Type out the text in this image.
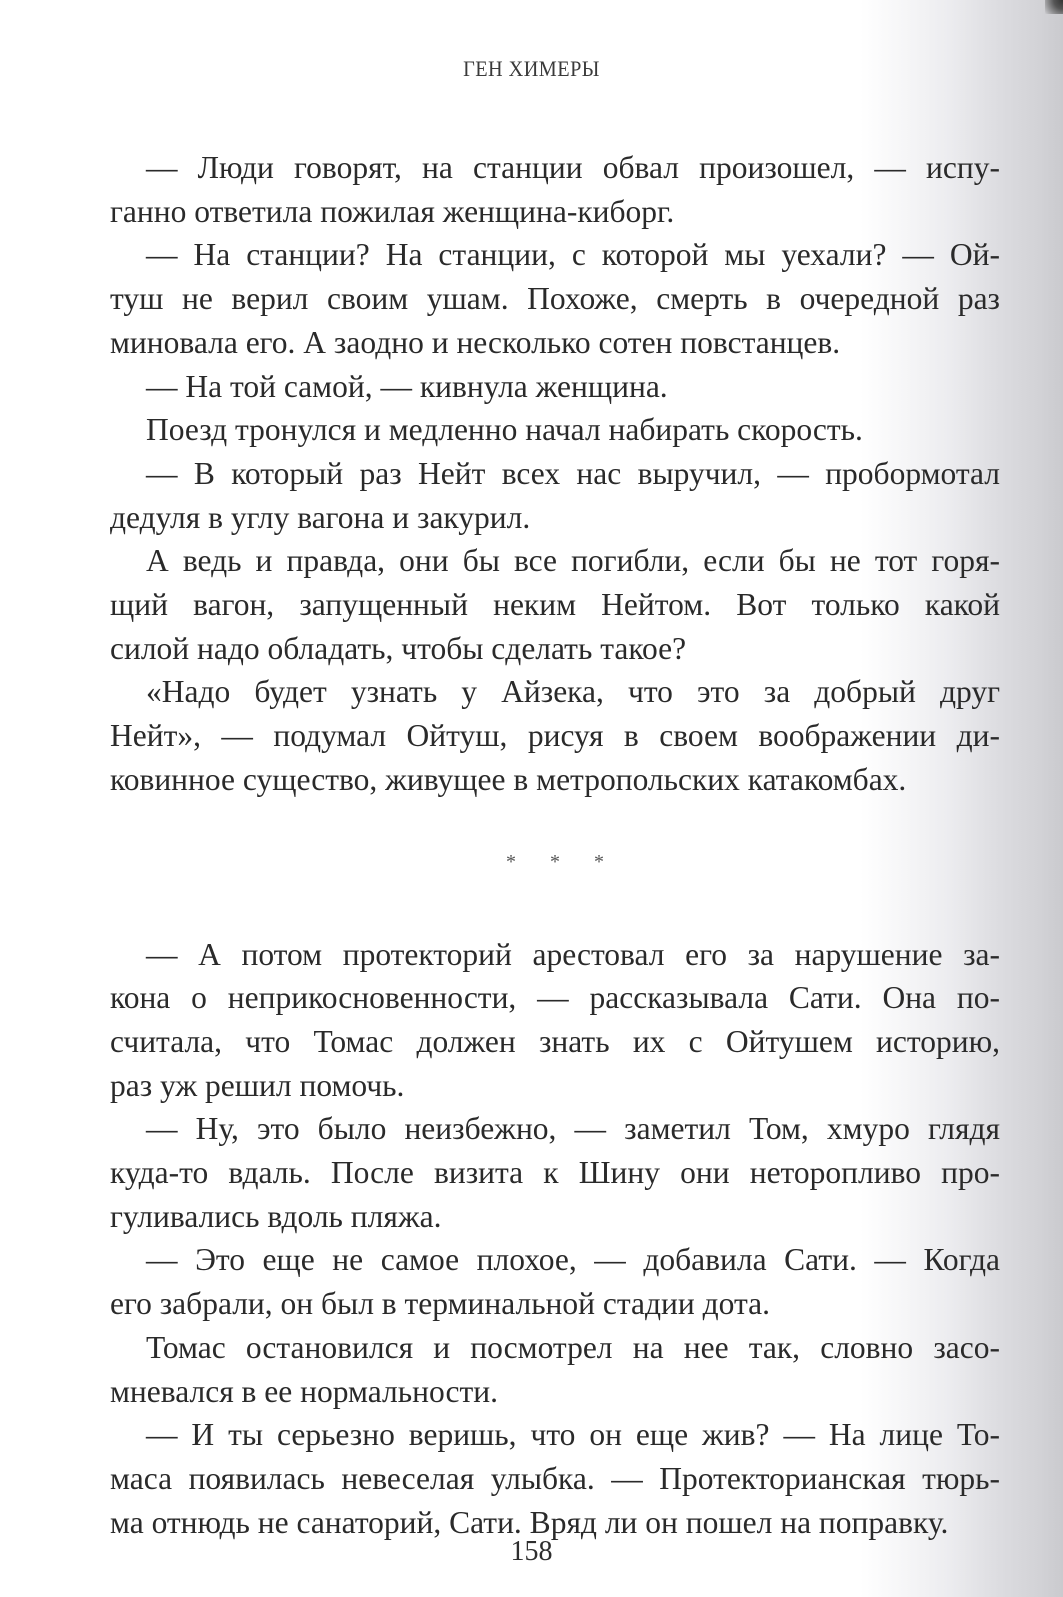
ГЕН ХИМЕРЫ

— Люди говорят, на станции обвал произошел, — испу-
ганно ответила пожилая женщина-киборг.

— На станции? На станции, с которой мы уехали? — Ой-
туш не верил своим ушам. Похоже, смерть в очередной раз
миновала его. А заодно и несколько сотен повстанцев.

— На той самой, — кивнула женщина.

Поезд тронулся и медленно начал набирать скорость.

— В который раз Нейт всех нас выручил, — пробормотал
дедуля в углу вагона и закурил.

А ведь и правда, они бы все погибли, если бы не тот горя-
щий вагон, запущенный неким Нейтом. Вот только какой
силой надо обладать, чтобы сделать такое?

«Надо будет узнать у Айзека, что это за добрый друг
Нейт», — подумал Ойтуш, рисуя в своем воображении ди-
ковинное существо, живущее в метропольских катакомбах.

* * *

— А потом протекторий арестовал его за нарушение за-
кона о неприкосновенности, — рассказывала Сати. Она по-
считала, что Томас должен знать их с Ойтушем историю,
раз уж решил помочь.

— Ну, это было неизбежно, — заметил Том, хмуро глядя
куда-то вдаль. После визита к Шину они неторопливо про-
гуливались вдоль пляжа.

— Это еще не самое плохое, — добавила Сати. — Когда
его забрали, он был в терминальной стадии дота.

Томас остановился и посмотрел на нее так, словно засо-
мневался в ее нормальности.

— И ты серьезно веришь, что он еще жив? — На лице То-
маса появилась невеселая улыбка. — Протекторианская тюрь-
ма отнюдь не санаторий, Сати. Вряд ли он пошел на поправку.

158
